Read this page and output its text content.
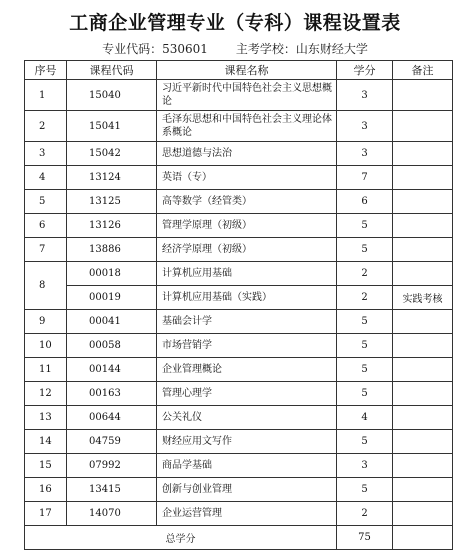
工商企业管理专业（专科）课程设置表
专业代码：530601 主考学校：山东财经大学
序号	课程代码	课程名称	学分	备注
1	15040	习近平新时代中国特色社会主义思想概论	3	
2	15041	毛泽东思想和中国特色社会主义理论体系概论	3	
3	15042	思想道德与法治	3	
4	13124	英语（专）	7	
5	13125	高等数学（经管类）	6	
6	13126	管理学原理（初级）	5	
7	13886	经济学原理（初级）	5	
8	00018	计算机应用基础	2	
	00019	计算机应用基础（实践）	2	实践考核
9	00041	基础会计学	5	
10	00058	市场营销学	5	
11	00144	企业管理概论	5	
12	00163	管理心理学	5	
13	00644	公关礼仪	4	
14	04759	财经应用文写作	5	
15	07992	商品学基础	3	
16	13415	创新与创业管理	5	
17	14070	企业运营管理	2	
总学分			75	
